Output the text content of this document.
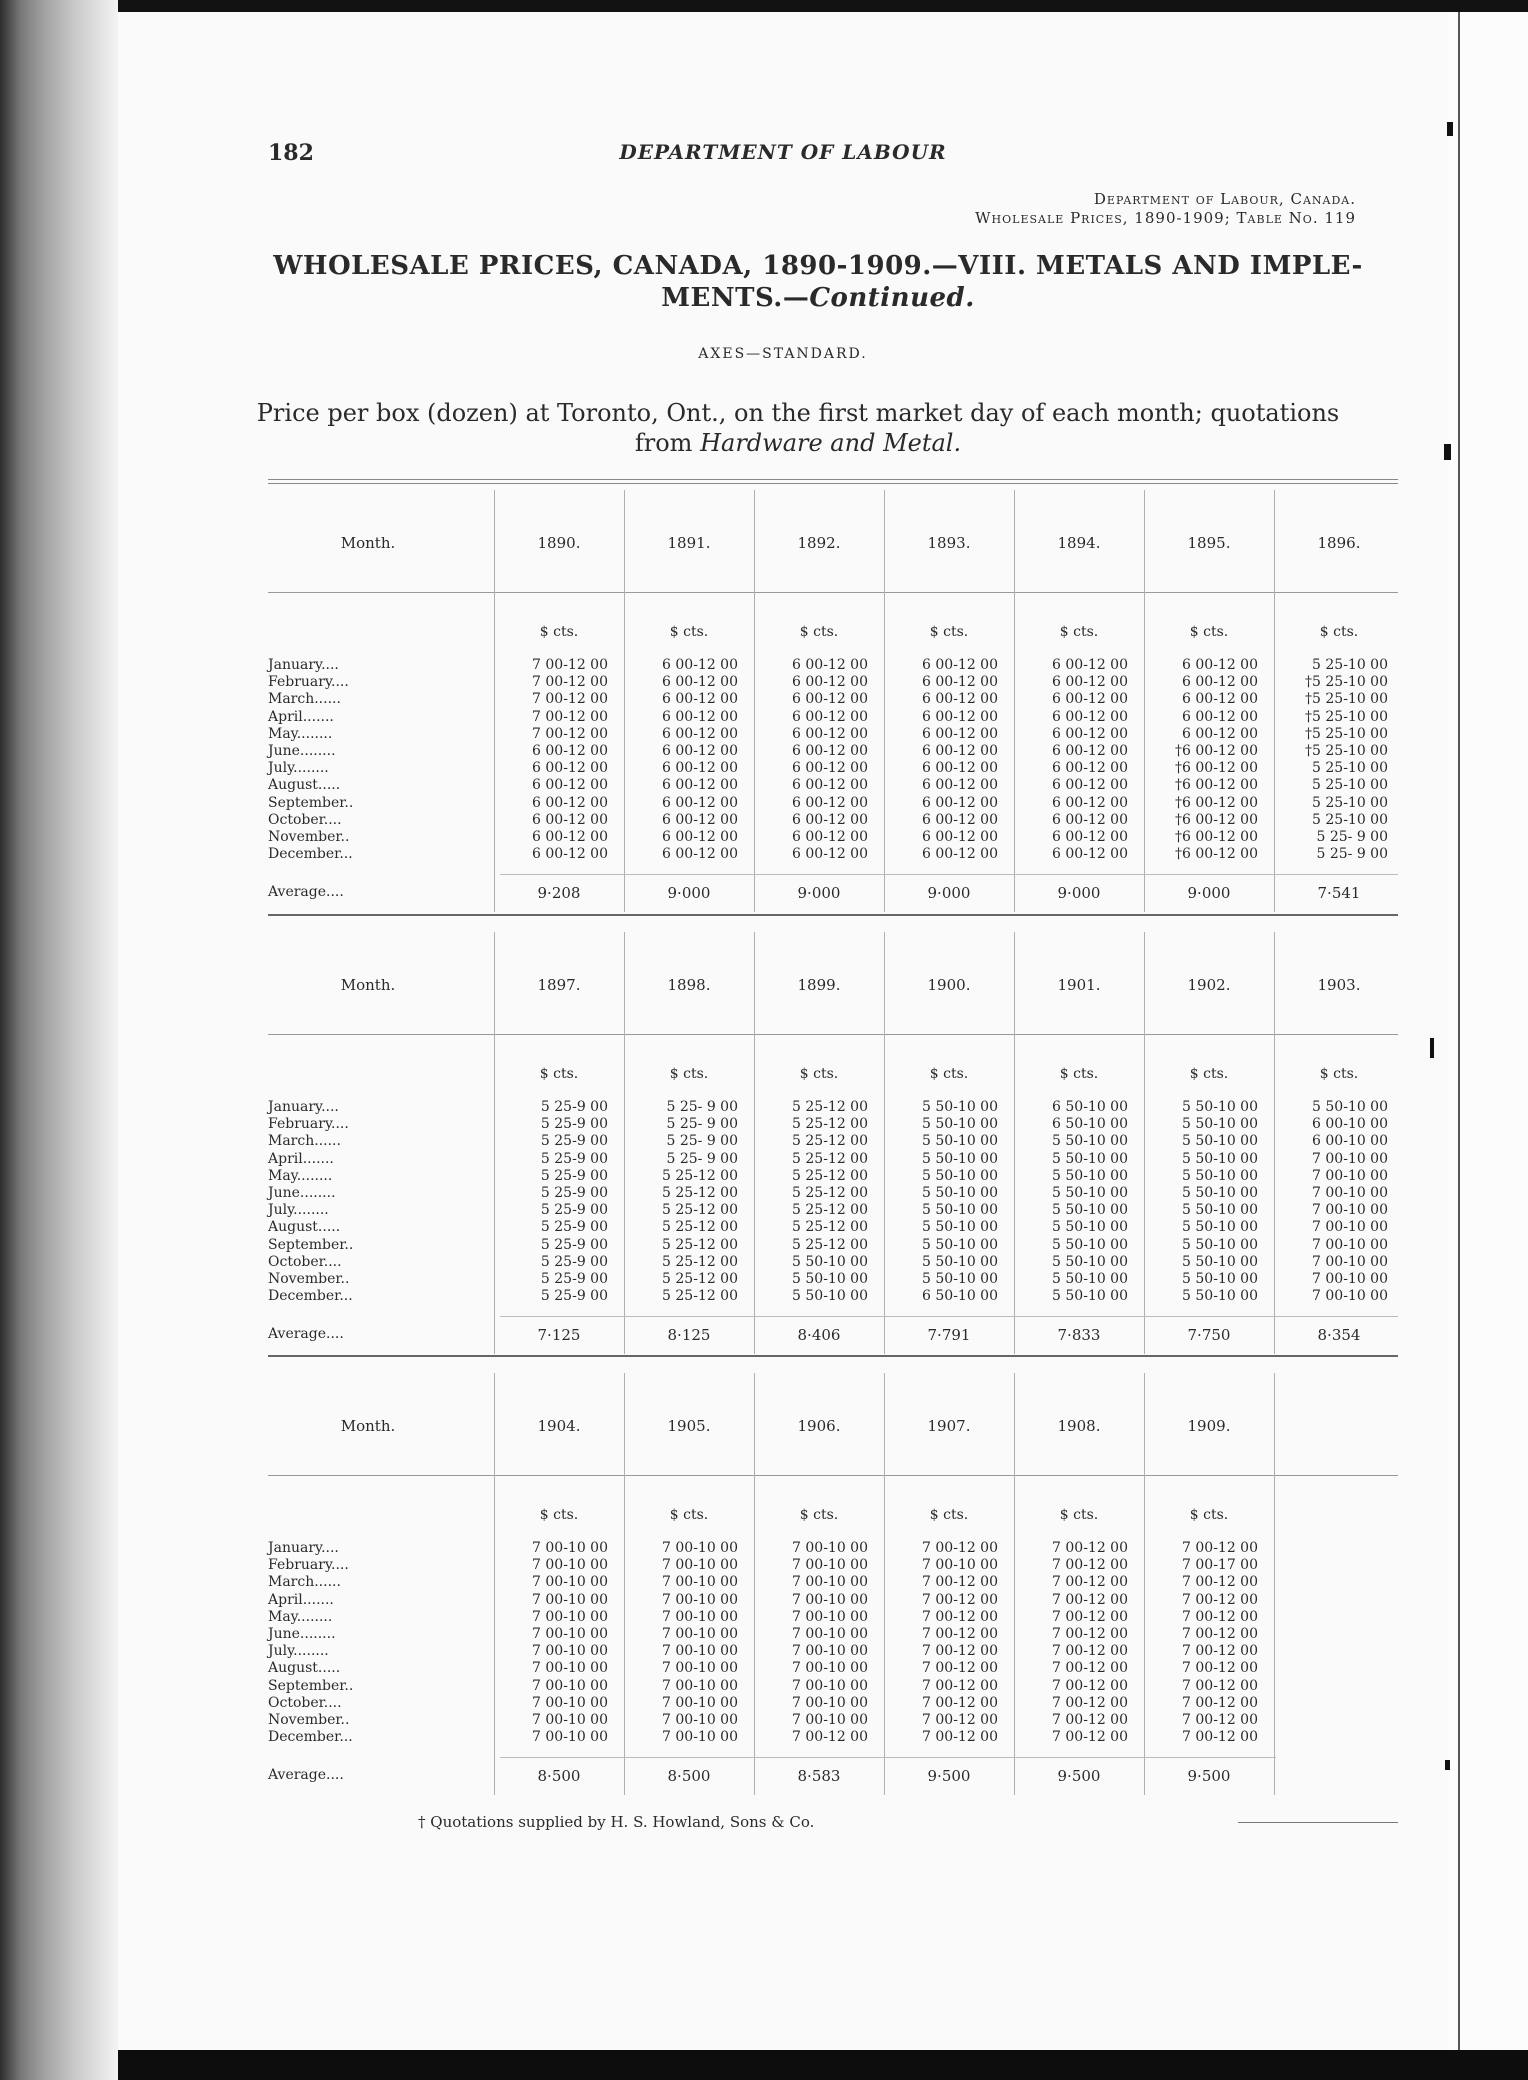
182	DEPARTMENT OF LABOUR
Department of Labour, Canada.
Wholesale Prices, 1890-1909; Table No. 119
WHOLESALE PRICES, CANADA, 1890-1909.—VIII. METALS AND IMPLE-
MENTS.—Continued.
AXES—STANDARD.
Price per box (dozen) at Toronto, Ont., on the first market day of each month; quotations
from Hardware and Metal.
Month.
January....
February....
March......
April.......
May........
June........
July........
August.....
September..
October....
November..
December...
Average....
1890.
$ cts.
7 00-12 00
7 00-12 00
7 00-12 00
7 00-12 00
7 00-12 00
6 00-12 00
6 00-12 00
6 00-12 00
6 00-12 00
6 00-12 00
6 00-12 00
6 00-12 00
9·208
1891.
$ cts.
6 00-12 00
6 00-12 00
6 00-12 00
6 00-12 00
6 00-12 00
6 00-12 00
6 00-12 00
6 00-12 00
6 00-12 00
6 00-12 00
6 00-12 00
6 00-12 00
9·000
1892.
$ cts.
6 00-12 00
6 00-12 00
6 00-12 00
6 00-12 00
6 00-12 00
6 00-12 00
6 00-12 00
6 00-12 00
6 00-12 00
6 00-12 00
6 00-12 00
6 00-12 00
9·000
1893.
$ cts.
6 00-12 00
6 00-12 00
6 00-12 00
6 00-12 00
6 00-12 00
6 00-12 00
6 00-12 00
6 00-12 00
6 00-12 00
6 00-12 00
6 00-12 00
6 00-12 00
9·000
1894.
$ cts.
6 00-12 00
6 00-12 00
6 00-12 00
6 00-12 00
6 00-12 00
6 00-12 00
6 00-12 00
6 00-12 00
6 00-12 00
6 00-12 00
6 00-12 00
6 00-12 00
9·000
1895.
$ cts.
6 00-12 00
6 00-12 00
6 00-12 00
6 00-12 00
6 00-12 00
†6 00-12 00
†6 00-12 00
†6 00-12 00
†6 00-12 00
†6 00-12 00
†6 00-12 00
†6 00-12 00
9·000
1896.
$ cts.
5 25-10 00
†5 25-10 00
†5 25-10 00
†5 25-10 00
†5 25-10 00
†5 25-10 00
5 25-10 00
5 25-10 00
5 25-10 00
5 25-10 00
5 25- 9 00
5 25- 9 00
7·541
Month.
January....
February....
March......
April.......
May........
June........
July........
August.....
September..
October....
November..
December...
Average....
1897.
$ cts.
5 25-9 00
5 25-9 00
5 25-9 00
5 25-9 00
5 25-9 00
5 25-9 00
5 25-9 00
5 25-9 00
5 25-9 00
5 25-9 00
5 25-9 00
5 25-9 00
7·125
1898.
$ cts.
5 25- 9 00
5 25- 9 00
5 25- 9 00
5 25- 9 00
5 25-12 00
5 25-12 00
5 25-12 00
5 25-12 00
5 25-12 00
5 25-12 00
5 25-12 00
5 25-12 00
8·125
1899.
$ cts.
5 25-12 00
5 25-12 00
5 25-12 00
5 25-12 00
5 25-12 00
5 25-12 00
5 25-12 00
5 25-12 00
5 25-12 00
5 50-10 00
5 50-10 00
5 50-10 00
8·406
1900.
$ cts.
5 50-10 00
5 50-10 00
5 50-10 00
5 50-10 00
5 50-10 00
5 50-10 00
5 50-10 00
5 50-10 00
5 50-10 00
5 50-10 00
5 50-10 00
6 50-10 00
7·791
1901.
$ cts.
6 50-10 00
6 50-10 00
5 50-10 00
5 50-10 00
5 50-10 00
5 50-10 00
5 50-10 00
5 50-10 00
5 50-10 00
5 50-10 00
5 50-10 00
5 50-10 00
7·833
1902.
$ cts.
5 50-10 00
5 50-10 00
5 50-10 00
5 50-10 00
5 50-10 00
5 50-10 00
5 50-10 00
5 50-10 00
5 50-10 00
5 50-10 00
5 50-10 00
5 50-10 00
7·750
1903.
$ cts.
5 50-10 00
6 00-10 00
6 00-10 00
7 00-10 00
7 00-10 00
7 00-10 00
7 00-10 00
7 00-10 00
7 00-10 00
7 00-10 00
7 00-10 00
7 00-10 00
8·354
Month.
January....
February....
March......
April.......
May........
June........
July........
August.....
September..
October....
November..
December...
Average....
1904.
$ cts.
7 00-10 00
7 00-10 00
7 00-10 00
7 00-10 00
7 00-10 00
7 00-10 00
7 00-10 00
7 00-10 00
7 00-10 00
7 00-10 00
7 00-10 00
7 00-10 00
8·500
1905.
$ cts.
7 00-10 00
7 00-10 00
7 00-10 00
7 00-10 00
7 00-10 00
7 00-10 00
7 00-10 00
7 00-10 00
7 00-10 00
7 00-10 00
7 00-10 00
7 00-10 00
8·500
1906.
$ cts.
7 00-10 00
7 00-10 00
7 00-10 00
7 00-10 00
7 00-10 00
7 00-10 00
7 00-10 00
7 00-10 00
7 00-10 00
7 00-10 00
7 00-10 00
7 00-12 00
8·583
1907.
$ cts.
7 00-12 00
7 00-10 00
7 00-12 00
7 00-12 00
7 00-12 00
7 00-12 00
7 00-12 00
7 00-12 00
7 00-12 00
7 00-12 00
7 00-12 00
7 00-12 00
9·500
1908.
$ cts.
7 00-12 00
7 00-12 00
7 00-12 00
7 00-12 00
7 00-12 00
7 00-12 00
7 00-12 00
7 00-12 00
7 00-12 00
7 00-12 00
7 00-12 00
7 00-12 00
9·500
1909.
$ cts.
7 00-12 00
7 00-17 00
7 00-12 00
7 00-12 00
7 00-12 00
7 00-12 00
7 00-12 00
7 00-12 00
7 00-12 00
7 00-12 00
7 00-12 00
7 00-12 00
9·500
† Quotations supplied by H. S. Howland, Sons & Co.
